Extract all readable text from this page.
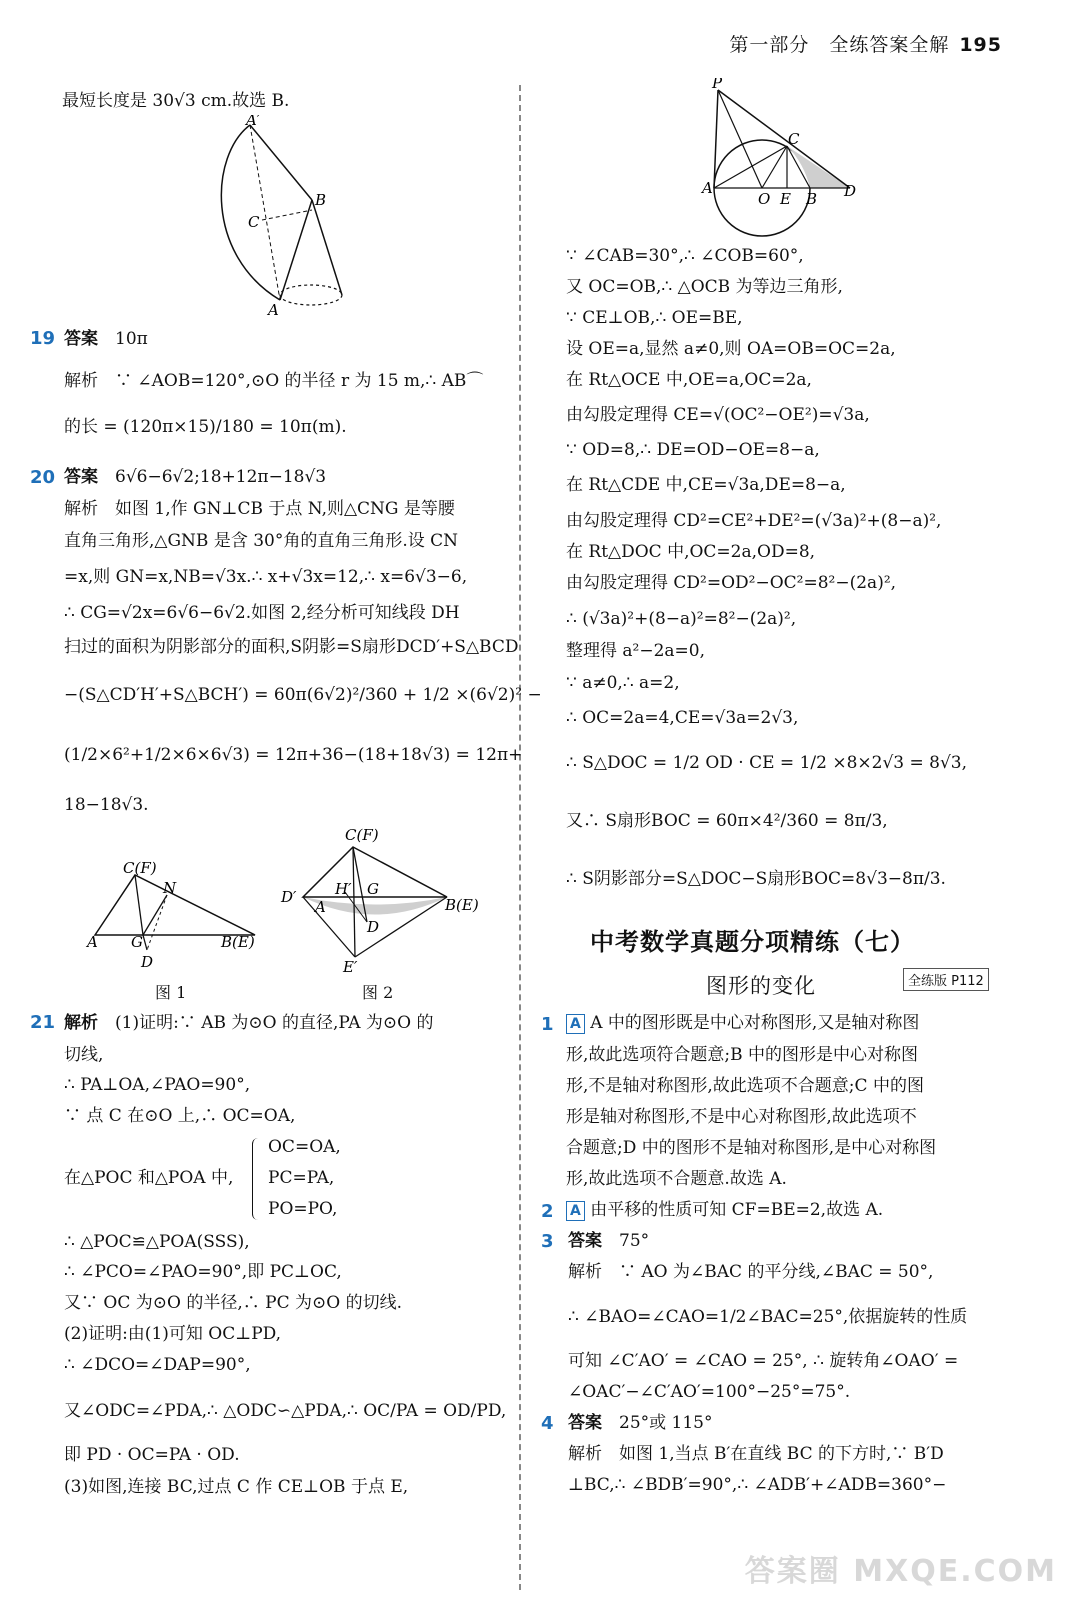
第一部分　全练答案全解 195
最短长度是 30√3 cm.故选 B.
A′
B
C
A
19 答案　 10π
解析　∵ ∠AOB=120°,⊙O 的半径 r 为 15 m,∴ AB⌒
的长 = (120π×15)/180 = 10π(m).
20 答案　 6√6−6√2;18+12π−18√3
解析　如图 1,作 GN⊥CB 于点 N,则△CNG 是等腰
直角三角形,△GNB 是含 30°角的直角三角形.设 CN
=x,则 GN=x,NB=√3x.∴ x+√3x=12,∴ x=6√3−6,
∴ CG=√2x=6√6−6√2.如图 2,经分析可知线段 DH
扫过的面积为阴影部分的面积,S阴影=S扇形DCD′+S△BCD
−(S△CD′H′+S△BCH′) = 60π(6√2)²/360 + 1/2 ×(6√2)² −
(1/2×6²+1/2×6×6√3) = 12π+36−(18+18√3) = 12π+
18−18√3.
C(F)
N
A G	B(E)
D
图 1
C(F)
D′
A
H′ G
D
B(E)
E′
图 2
21 解析　 (1)证明:∵ AB 为⊙O 的直径,PA 为⊙O 的
切线,
∴ PA⊥OA,∠PAO=90°,
∵ 点 C 在⊙O 上,∴ OC=OA,
OC=OA,
在△POC 和△POA 中, PC=PA,
PO=PO,
∴ △POC≌△POA(SSS),
∴ ∠PCO=∠PAO=90°,即 PC⊥OC,
又∵ OC 为⊙O 的半径,∴ PC 为⊙O 的切线.
(2)证明:由(1)可知 OC⊥PD,
∴ ∠DCO=∠DAP=90°,
又∠ODC=∠PDA,∴ △ODC∽△PDA,∴ OC/PA = OD/PD,
即 PD · OC=PA · OD.
(3)如图,连接 BC,过点 C 作 CE⊥OB 于点 E,
P
C
A
O E B D
∵ ∠CAB=30°,∴ ∠COB=60°,
又 OC=OB,∴ △OCB 为等边三角形,
∵ CE⊥OB,∴ OE=BE,
设 OE=a,显然 a≠0,则 OA=OB=OC=2a,
在 Rt△OCE 中,OE=a,OC=2a,
由勾股定理得 CE=√(OC²−OE²)=√3a,
∵ OD=8,∴ DE=OD−OE=8−a,
在 Rt△CDE 中,CE=√3a,DE=8−a,
由勾股定理得 CD²=CE²+DE²=(√3a)²+(8−a)²,
在 Rt△DOC 中,OC=2a,OD=8,
由勾股定理得 CD²=OD²−OC²=8²−(2a)²,
∴ (√3a)²+(8−a)²=8²−(2a)²,
整理得 a²−2a=0,
∵ a≠0,∴ a=2,
∴ OC=2a=4,CE=√3a=2√3,
∴ S△DOC = 1/2 OD · CE = 1/2 ×8×2√3 = 8√3,
又∴ S扇形BOC = 60π×4²/360 = 8π/3,
∴ S阴影部分=S△DOC−S扇形BOC=8√3−8π/3.
中考数学真题分项精练（七）
图形的变化	全练版 P112
1 A A 中的图形既是中心对称图形,又是轴对称图
形,故此选项符合题意;B 中的图形是中心对称图
形,不是轴对称图形,故此选项不合题意;C 中的图
形是轴对称图形,不是中心对称图形,故此选项不
合题意;D 中的图形不是轴对称图形,是中心对称图
形,故此选项不合题意.故选 A.
2 A 由平移的性质可知 CF=BE=2,故选 A.
3 答案　 75°
解析　∵ AO 为∠BAC 的平分线,∠BAC = 50°,
∴ ∠BAO=∠CAO=1/2∠BAC=25°,依据旋转的性质
可知 ∠C′AO′ = ∠CAO = 25°, ∴ 旋转角∠OAO′ =
∠OAC′−∠C′AO′=100°−25°=75°.
4 答案　 25°或 115°
解析　如图 1,当点 B′在直线 BC 的下方时,∵ B′D
⊥BC,∴ ∠BDB′=90°,∴ ∠ADB′+∠ADB=360°−
答案圈 MXQE.COM
